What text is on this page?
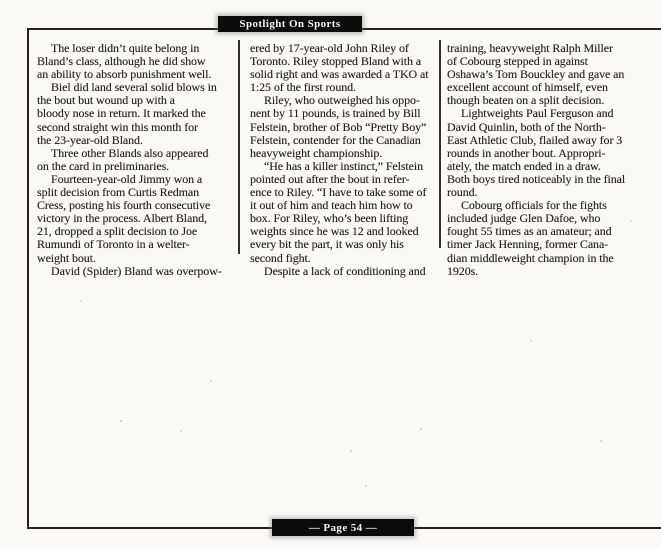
Spotlight On Sports
The loser didn’t quite belong in
Bland’s class, although he did show
an ability to absorb punishment well.
Biel did land several solid blows in
the bout but wound up with a
bloody nose in return. It marked the
second straight win this month for
the 23-year-old Bland.
Three other Blands also appeared
on the card in preliminaries.
Fourteen-year-old Jimmy won a
split decision from Curtis Redman
Cress, posting his fourth consecutive
victory in the process. Albert Bland,
21, dropped a split decision to Joe
Rumundi of Toronto in a welter-
weight bout.
David (Spider) Bland was overpow-
ered by 17-year-old John Riley of
Toronto. Riley stopped Bland with a
solid right and was awarded a TKO at
1:25 of the first round.
Riley, who outweighed his oppo-
nent by 11 pounds, is trained by Bill
Felstein, brother of Bob “Pretty Boy”
Felstein, contender for the Canadian
heavyweight championship.
“He has a killer instinct,” Felstein
pointed out after the bout in refer-
ence to Riley. “I have to take some of
it out of him and teach him how to
box. For Riley, who’s been lifting
weights since he was 12 and looked
every bit the part, it was only his
second fight.
Despite a lack of conditioning and
training, heavyweight Ralph Miller
of Cobourg stepped in against
Oshawa’s Tom Bouckley and gave an
excellent account of himself, even
though beaten on a split decision.
Lightweights Paul Ferguson and
David Quinlin, both of the North-
East Athletic Club, flailed away for 3
rounds in another bout. Appropri-
ately, the match ended in a draw.
Both boys tired noticeably in the final
round.
Cobourg officials for the fights
included judge Glen Dafoe, who
fought 55 times as an amateur; and
timer Jack Henning, former Cana-
dian middleweight champion in the
1920s.
— Page 54 —
